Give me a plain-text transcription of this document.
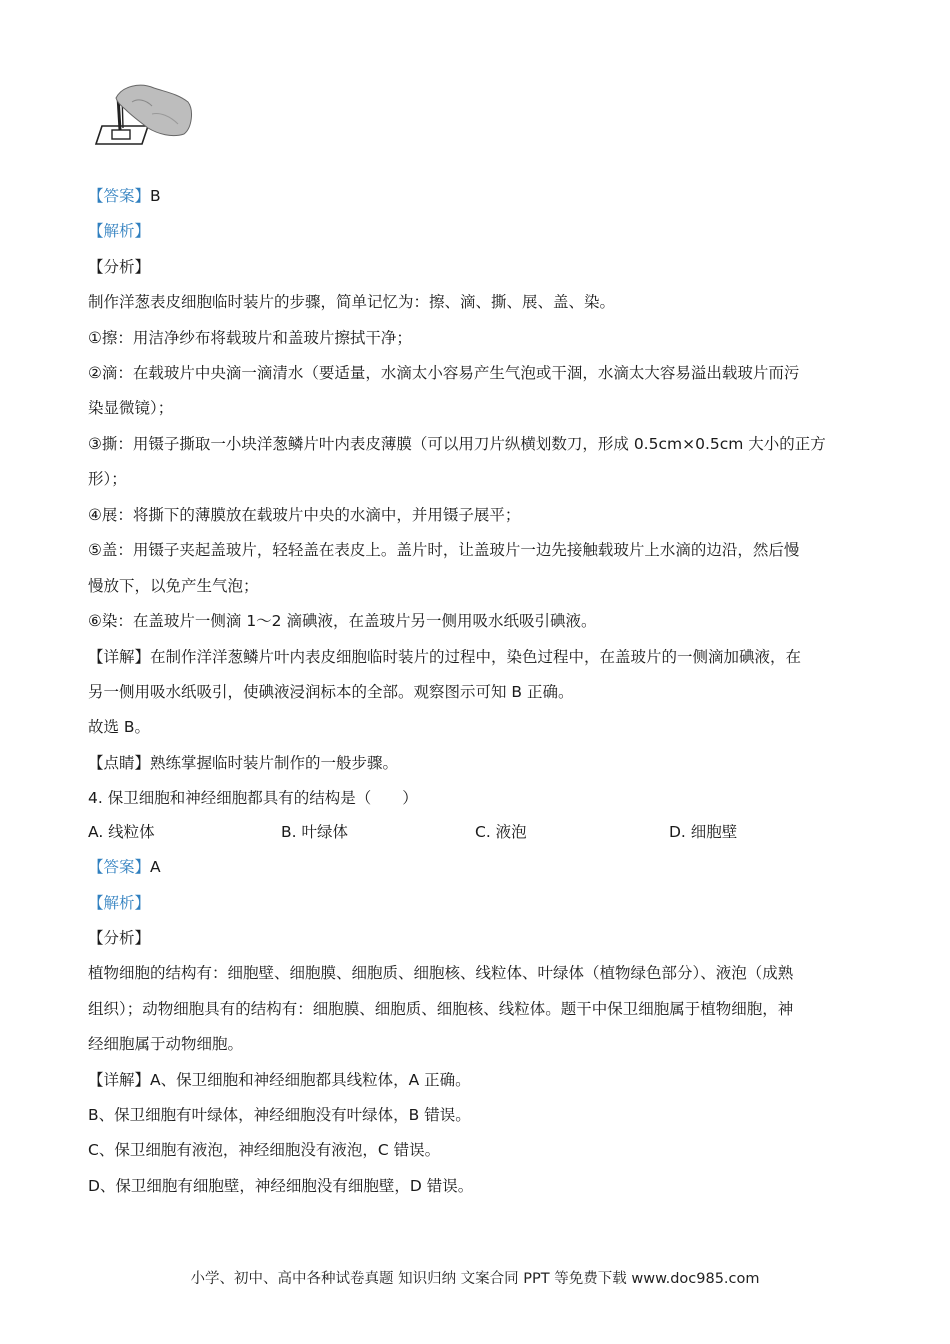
【答案】B
【解析】
【分析】
制作洋葱表皮细胞临时装片的步骤，简单记忆为：擦、滴、撕、展、盖、染。
①擦：用洁净纱布将载玻片和盖玻片擦拭干净；
②滴：在载玻片中央滴一滴清水（要适量，水滴太小容易产生气泡或干涸，水滴太大容易溢出载玻片而污
染显微镜）；
③撕：用镊子撕取一小块洋葱鳞片叶内表皮薄膜（可以用刀片纵横划数刀，形成 0.5cm×0.5cm 大小的正方
形）；
④展：将撕下的薄膜放在载玻片中央的水滴中，并用镊子展平；
⑤盖：用镊子夹起盖玻片，轻轻盖在表皮上。盖片时，让盖玻片一边先接触载玻片上水滴的边沿，然后慢
慢放下，以免产生气泡；
⑥染：在盖玻片一侧滴 1～2 滴碘液，在盖玻片另一侧用吸水纸吸引碘液。
【详解】在制作洋洋葱鳞片叶内表皮细胞临时装片的过程中，染色过程中，在盖玻片的一侧滴加碘液，在
另一侧用吸水纸吸引，使碘液浸润标本的全部。观察图示可知 B 正确。
故选 B。
【点睛】熟练掌握临时装片制作的一般步骤。
4. 保卫细胞和神经细胞都具有的结构是（　　）
A. 线粒体	B. 叶绿体	C. 液泡	D. 细胞壁
【答案】A
【解析】
【分析】
植物细胞的结构有：细胞壁、细胞膜、细胞质、细胞核、线粒体、叶绿体（植物绿色部分）、液泡（成熟
组织）；动物细胞具有的结构有：细胞膜、细胞质、细胞核、线粒体。题干中保卫细胞属于植物细胞，神
经细胞属于动物细胞。
【详解】A、保卫细胞和神经细胞都具线粒体，A 正确。
B、保卫细胞有叶绿体，神经细胞没有叶绿体，B 错误。
C、保卫细胞有液泡，神经细胞没有液泡，C 错误。
D、保卫细胞有细胞壁，神经细胞没有细胞壁，D 错误。
小学、初中、高中各种试卷真题 知识归纳 文案合同 PPT 等免费下载 www.doc985.com
